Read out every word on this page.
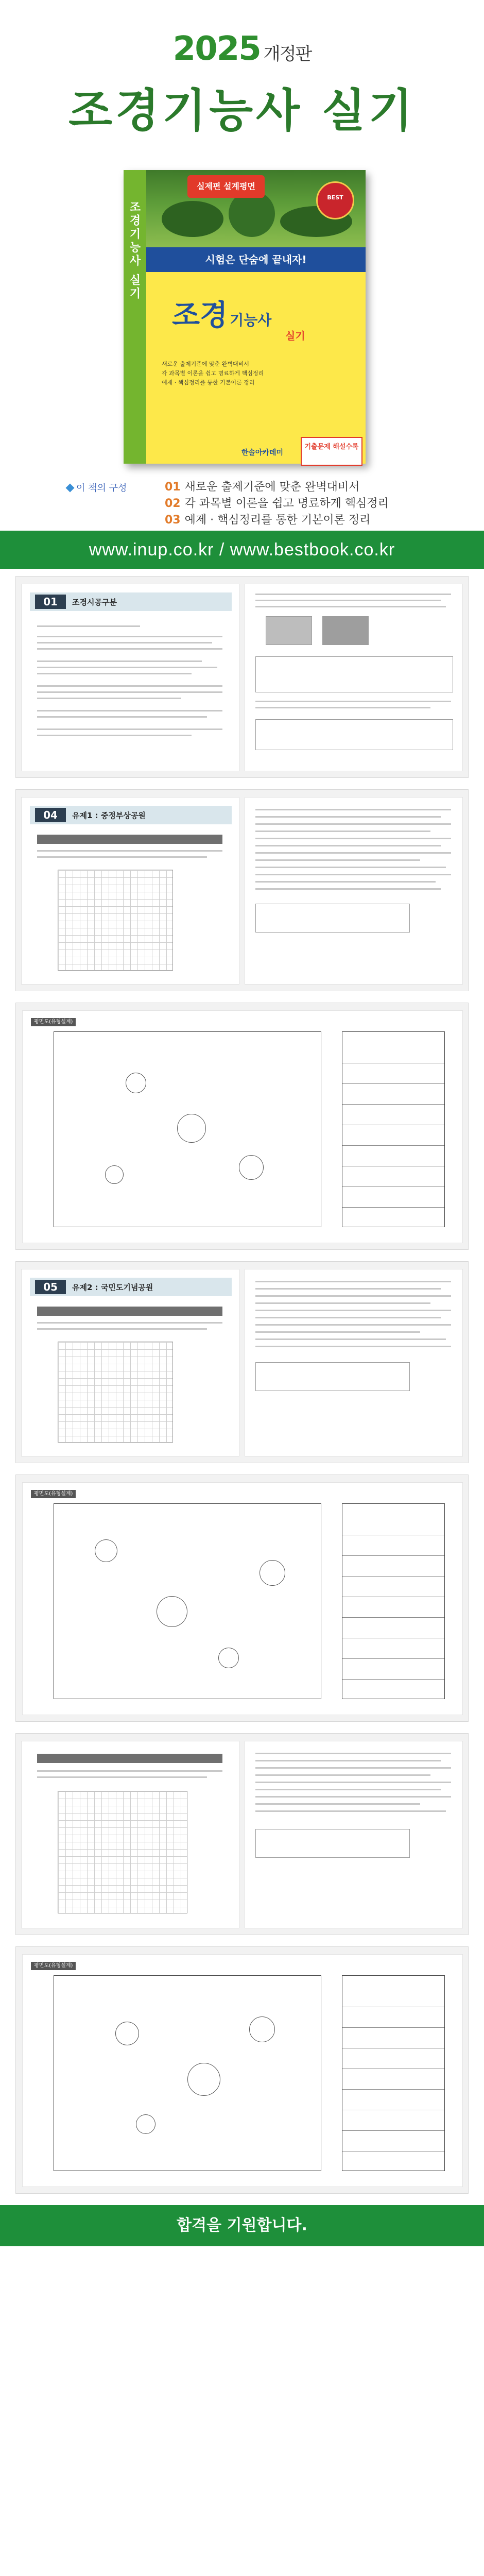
2025 개정판
조경기능사 실기
조경기능사 실기
실제편 설계평면
BEST
시험은 단숨에 끝내자!
조경 기능사
실기
새로운 출제기준에 맞춘 완벽대비서
각 과목별 이론을 쉽고 명료하게 핵심정리
예제 · 핵심정리를 통한 기본이론 정리
기출문제 해설수록
한솔아카데미
이 책의 구성	01 새로운 출제기준에 맞춘 완벽대비서
02 각 과목별 이론을 쉽고 명료하게 핵심정리
03 예제 · 핵심정리를 통한 기본이론 정리
www.inup.co.kr / www.bestbook.co.kr
01	조경시공구분
04	유제1 : 중정부상공원
평면도(유형설계)
05	유제2 : 국민도기념공원
평면도(유형설계)
평면도(유형설계)
합격을 기원합니다.
